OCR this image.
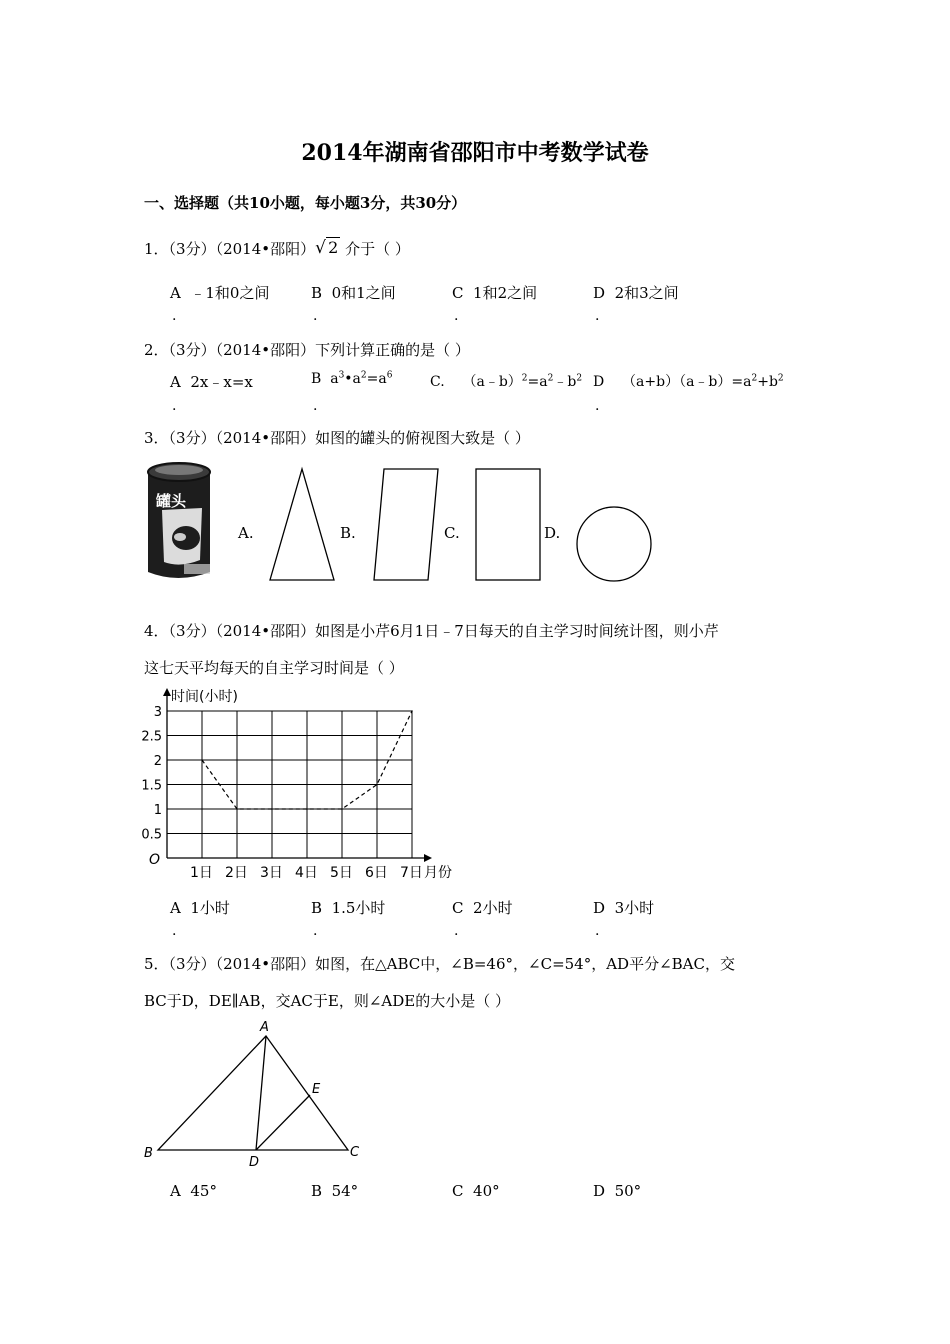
2014年湖南省邵阳市中考数学试卷
一、选择题（共10小题，每小题3分，共30分）
1．（3分）（2014•邵阳） √ 2 介于（ ）
A ﹣1和0之间	B 0和1之间	C 1和2之间	D 2和3之间
.	.	.	.
2．（3分）（2014•邵阳）下列计算正确的是（ ）
A 2x﹣x=x	B $a^3•a^2=a^6$	C. $(a﹣b)^2=a^2﹣b^2$ D $(a+b)(a﹣b)=a^2+b^2$
.	.	.
3．（3分）（2014•邵阳）如图的罐头的俯视图大致是（ ）
罐头
A.	B.	C.	D.
4．（3分）（2014•邵阳）如图是小芹6月1日﹣7日每天的自主学习时间统计图，则小芹
这七天平均每天的自主学习时间是（ ）
时间(小时)
月份
O
0.5
1
1.5
2
2.5
3
1日 2日 3日 4日 5日 6日 7日
A 1小时	B 1.5小时	C 2小时	D 3小时
.	.	.	.
5．（3分）（2014•邵阳）如图，在△ABC中，∠B=46°，∠C=54°，AD平分∠BAC，交
BC于D，DE∥AB，交AC于E，则∠ADE的大小是（ ）
A
B	C
D
E
A 45°	B 54°	C 40°	D 50°
